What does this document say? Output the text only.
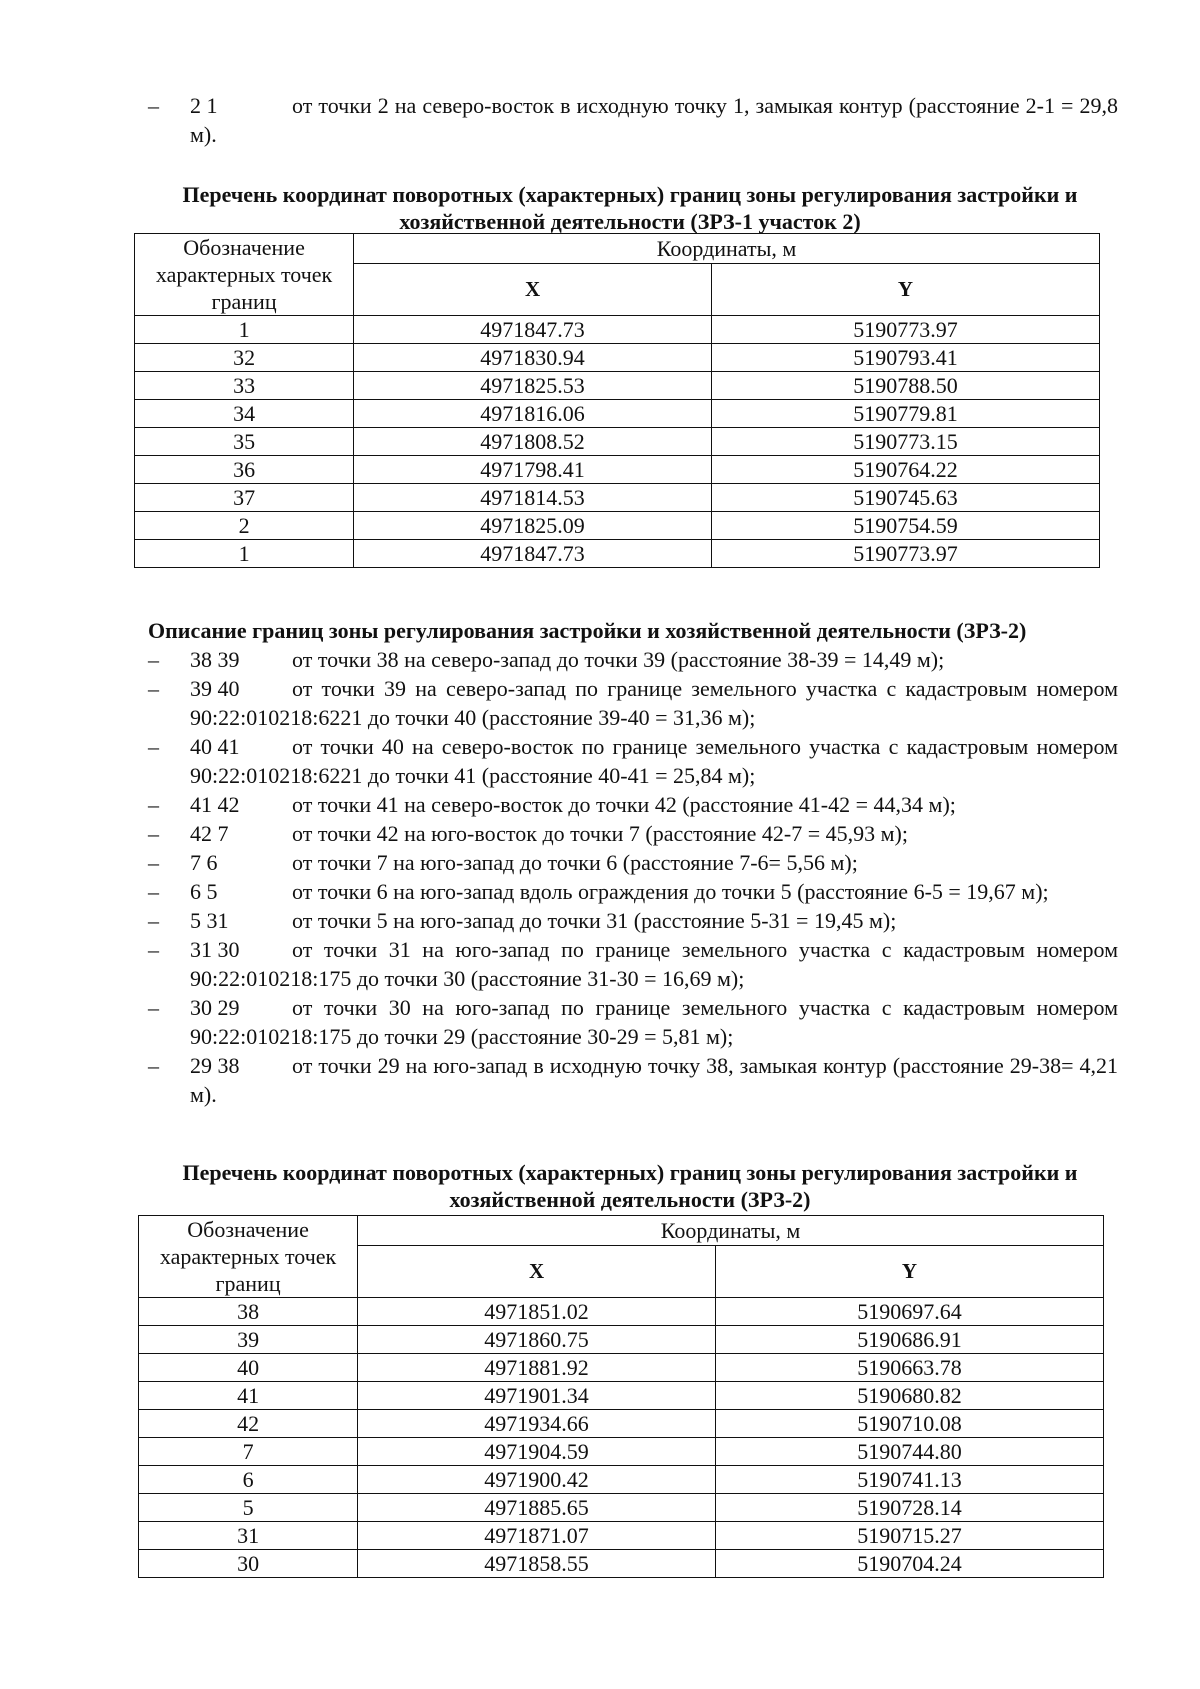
– 2 1	от точки 2 на северо-восток в исходную точку 1, замыкая контур (расстояние 2-1 = 29,8 м).
Перечень координат поворотных (характерных) границ зоны регулирования застройки и хозяйственной деятельности (ЗРЗ-1 участок 2)
Обозначение характерных точек границ	Координаты, м	
	X	Y
1	4971847.73	5190773.97
32	4971830.94	5190793.41
33	4971825.53	5190788.50
34	4971816.06	5190779.81
35	4971808.52	5190773.15
36	4971798.41	5190764.22
37	4971814.53	5190745.63
2	4971825.09	5190754.59
1	4971847.73	5190773.97
Описание границ зоны регулирования застройки и хозяйственной деятельности (ЗРЗ-2)
– 38 39 от точки 38 на северо-запад до точки 39 (расстояние 38-39 = 14,49 м);
– 39 40 от точки 39 на северо-запад по границе земельного участка с кадастровым номером 90:22:010218:6221 до точки 40 (расстояние 39-40 = 31,36 м);
– 40 41 от точки 40 на северо-восток по границе земельного участка с кадастровым номером 90:22:010218:6221 до точки 41 (расстояние 40-41 = 25,84 м);
– 41 42 от точки 41 на северо-восток до точки 42 (расстояние 41-42 = 44,34 м);
– 42 7	от точки 42 на юго-восток до точки 7 (расстояние 42-7 = 45,93 м);
– 7 6	от точки 7 на юго-запад до точки 6 (расстояние 7-6= 5,56 м);
– 6 5	от точки 6 на юго-запад вдоль ограждения до точки 5 (расстояние 6-5 = 19,67 м);
– 5 31	от точки 5 на юго-запад до точки 31 (расстояние 5-31 = 19,45 м);
– 31 30 от точки 31 на юго-запад по границе земельного участка с кадастровым номером 90:22:010218:175 до точки 30 (расстояние 31-30 = 16,69 м);
– 30 29 от точки 30 на юго-запад по границе земельного участка с кадастровым номером 90:22:010218:175 до точки 29 (расстояние 30-29 = 5,81 м);
– 29 38 от точки 29 на юго-запад в исходную точку 38, замыкая контур (расстояние 29-38= 4,21 м).
Перечень координат поворотных (характерных) границ зоны регулирования застройки и хозяйственной деятельности (ЗРЗ-2)
Обозначение характерных точек границ	Координаты, м	
	X	Y
38	4971851.02	5190697.64
39	4971860.75	5190686.91
40	4971881.92	5190663.78
41	4971901.34	5190680.82
42	4971934.66	5190710.08
7	4971904.59	5190744.80
6	4971900.42	5190741.13
5	4971885.65	5190728.14
31	4971871.07	5190715.27
30	4971858.55	5190704.24
